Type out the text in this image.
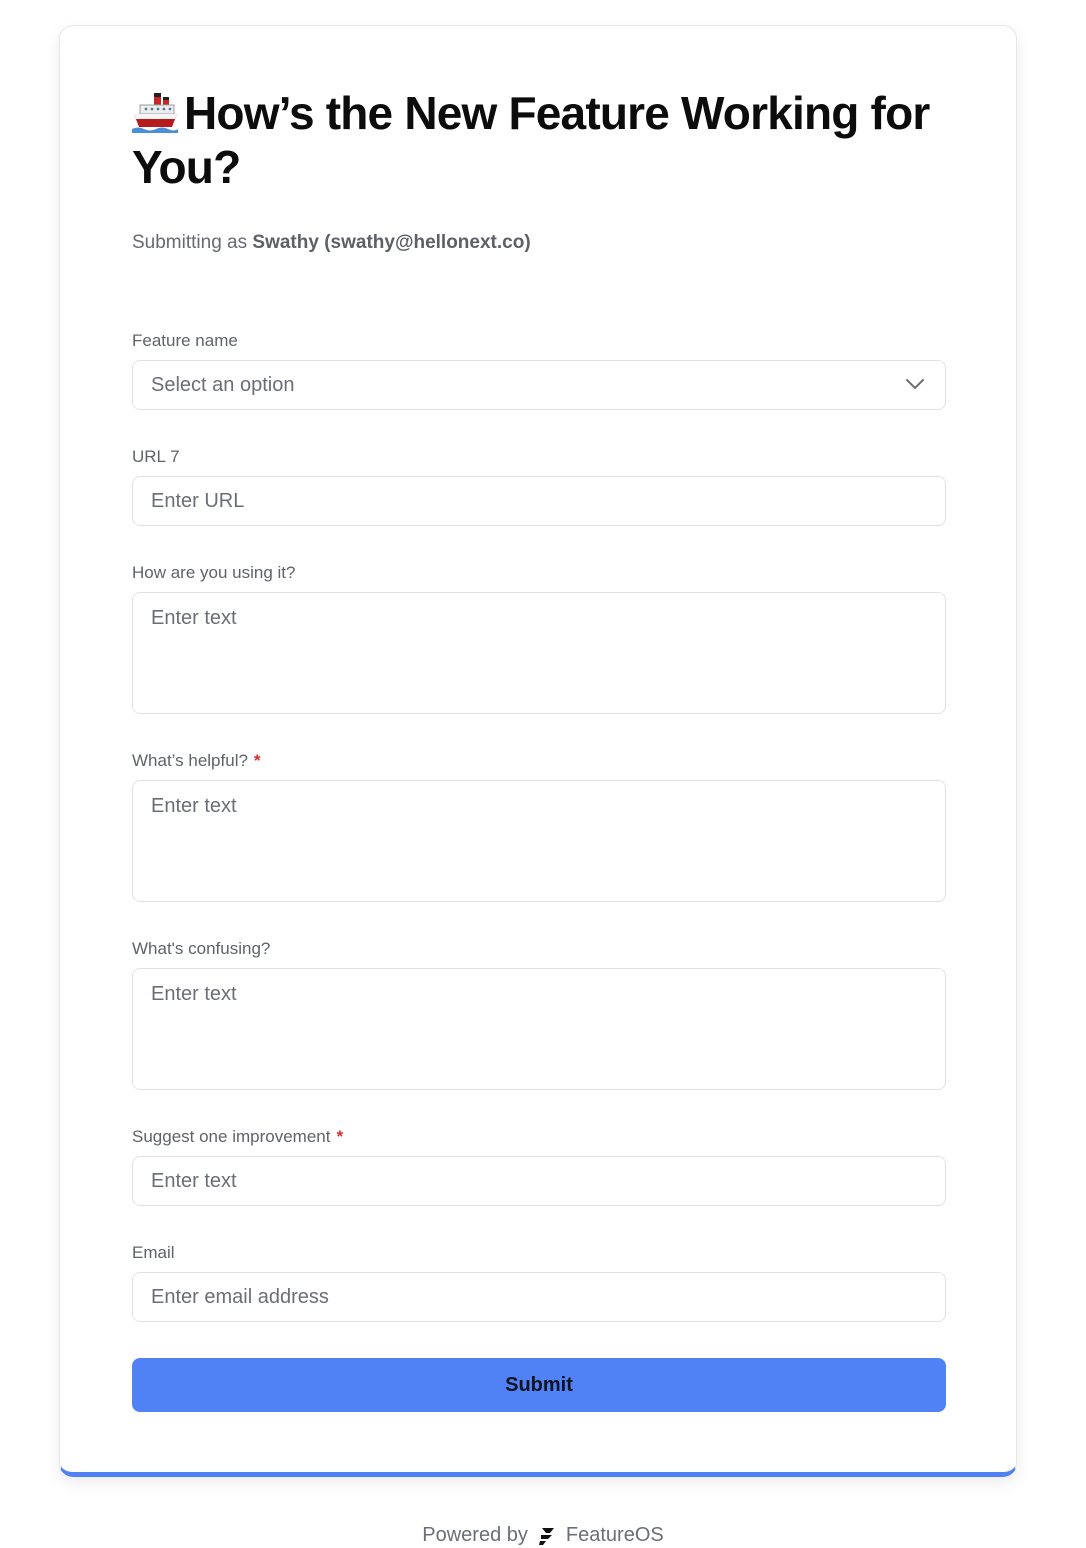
How’s the New Feature Working for You?
Submitting as Swathy (swathy@hellonext.co)
Feature name
Select an option
URL 7
Enter URL
How are you using it?
Enter text
What’s helpful? *
Enter text
What's confusing?
Enter text
Suggest one improvement *
Enter text
Email
Enter email address
Submit
Powered by FeatureOS
